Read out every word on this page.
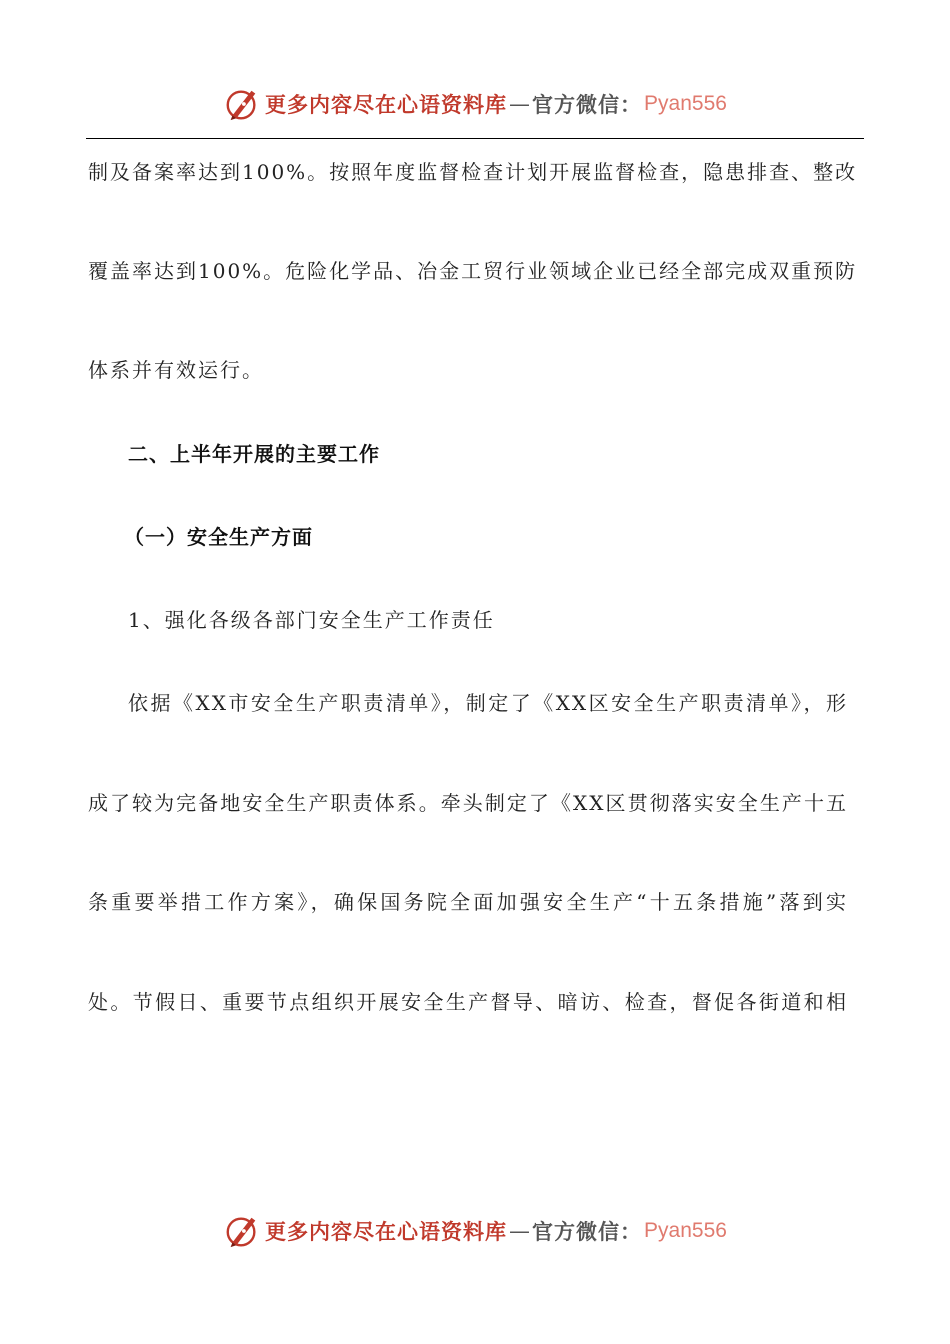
更多内容尽在心语资料库 — 官方微信： Pyan556
制及备案率达到100%。按照年度监督检查计划开展监督检查，隐患排查、整改
覆盖率达到100%。危险化学品、冶金工贸行业领域企业已经全部完成双重预防
体系并有效运行。
二、上半年开展的主要工作
（一）安全生产方面
1、强化各级各部门安全生产工作责任
依据《XX市安全生产职责清单》，制定了《XX区安全生产职责清单》，形
成了较为完备地安全生产职责体系。牵头制定了《XX区贯彻落实安全生产十五
条重要举措工作方案》，确保国务院全面加强安全生产“十五条措施”落到实
处。节假日、重要节点组织开展安全生产督导、暗访、检查，督促各街道和相
更多内容尽在心语资料库 — 官方微信： Pyan556
